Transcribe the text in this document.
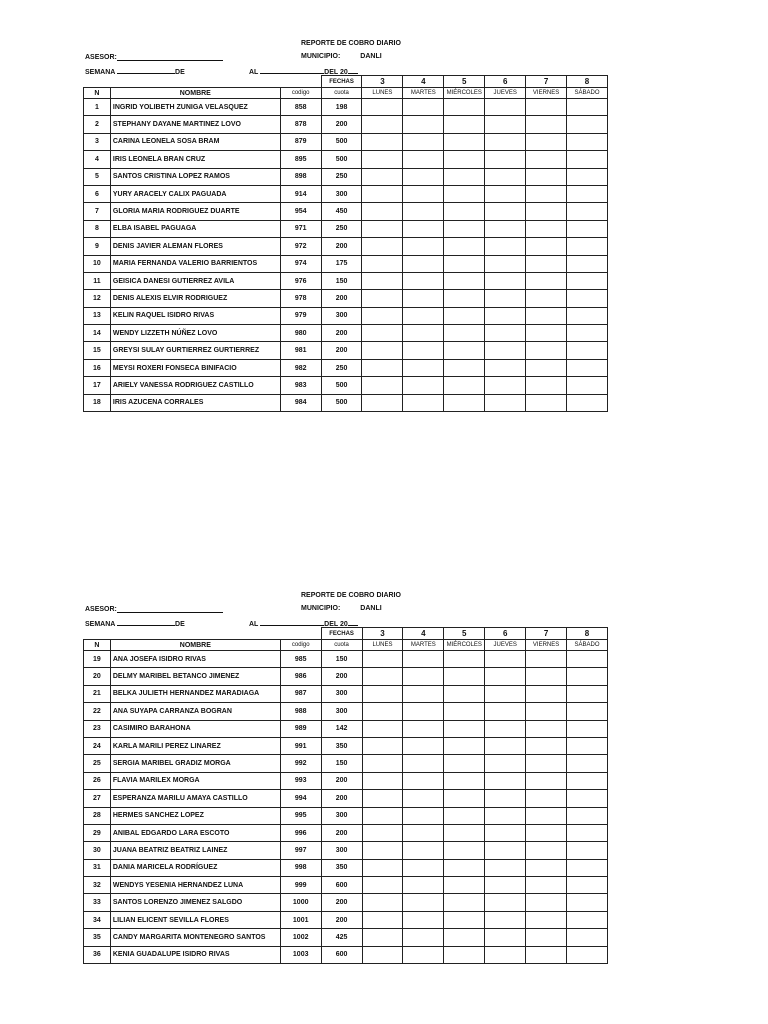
REPORTE DE COBRO DIARIO
ASESOR:	MUNICIPIO:	DANLI
SEMANA	DE	AL	DEL 20
			FECHAS	3	4	5	6	7	8
N	NOMBRE	codigo	cuota	LUNES	MARTES	MIÉRCOLES	JUEVES	VIERNES	SÁBADO
1	INGRID YOLIBETH ZUNIGA VELASQUEZ	858	198						
2	STEPHANY DAYANE MARTINEZ LOVO	878	200						
3	CARINA LEONELA SOSA BRAM	879	500						
4	IRIS LEONELA BRAN CRUZ	895	500						
5	SANTOS CRISTINA LOPEZ RAMOS	898	250						
6	YURY ARACELY CALIX PAGUADA	914	300						
7	GLORIA MARIA RODRIGUEZ DUARTE	954	450						
8	ELBA ISABEL PAGUAGA	971	250						
9	DENIS JAVIER ALEMAN FLORES	972	200						
10	MARIA FERNANDA VALERIO BARRIENTOS	974	175						
11	GEISICA DANESI GUTIERREZ AVILA	976	150						
12	DENIS ALEXIS ELVIR RODRIGUEZ	978	200						
13	KELIN RAQUEL ISIDRO RIVAS	979	300						
14	WENDY LIZZETH NÚÑEZ LOVO	980	200						
15	GREYSI SULAY GURTIERREZ GURTIERREZ	981	200						
16	MEYSI ROXERI FONSECA BINIFACIO	982	250						
17	ARIELY VANESSA RODRIGUEZ CASTILLO	983	500						
18	IRIS AZUCENA CORRALES	984	500						
REPORTE DE COBRO DIARIO
ASESOR:	MUNICIPIO:	DANLI
SEMANA	DE	AL	DEL 20
			FECHAS	3	4	5	6	7	8
N	NOMBRE	codigo	cuota	LUNES	MARTES	MIÉRCOLES	JUEVES	VIERNES	SÁBADO
19	ANA JOSEFA ISIDRO RIVAS	985	150						
20	DELMY MARIBEL BETANCO JIMENEZ	986	200						
21	BELKA JULIETH HERNANDEZ MARADIAGA	987	300						
22	ANA SUYAPA CARRANZA BOGRAN	988	300						
23	CASIMIRO BARAHONA	989	142						
24	KARLA MARILI PEREZ LINAREZ	991	350						
25	SERGIA MARIBEL GRADIZ MORGA	992	150						
26	FLAVIA MARILEX MORGA	993	200						
27	ESPERANZA MARILU AMAYA CASTILLO	994	200						
28	HERMES SANCHEZ LOPEZ	995	300						
29	ANIBAL EDGARDO LARA ESCOTO	996	200						
30	JUANA BEATRIZ BEATRIZ LAINEZ	997	300						
31	DANIA MARICELA RODRÍGUEZ	998	350						
32	WENDYS YESENIA HERNANDEZ LUNA	999	600						
33	SANTOS LORENZO JIMENEZ SALGDO	1000	200						
34	LILIAN ELICENT SEVILLA FLORES	1001	200						
35	CANDY MARGARITA MONTENEGRO SANTOS	1002	425						
36	KENIA GUADALUPE ISIDRO RIVAS	1003	600						
